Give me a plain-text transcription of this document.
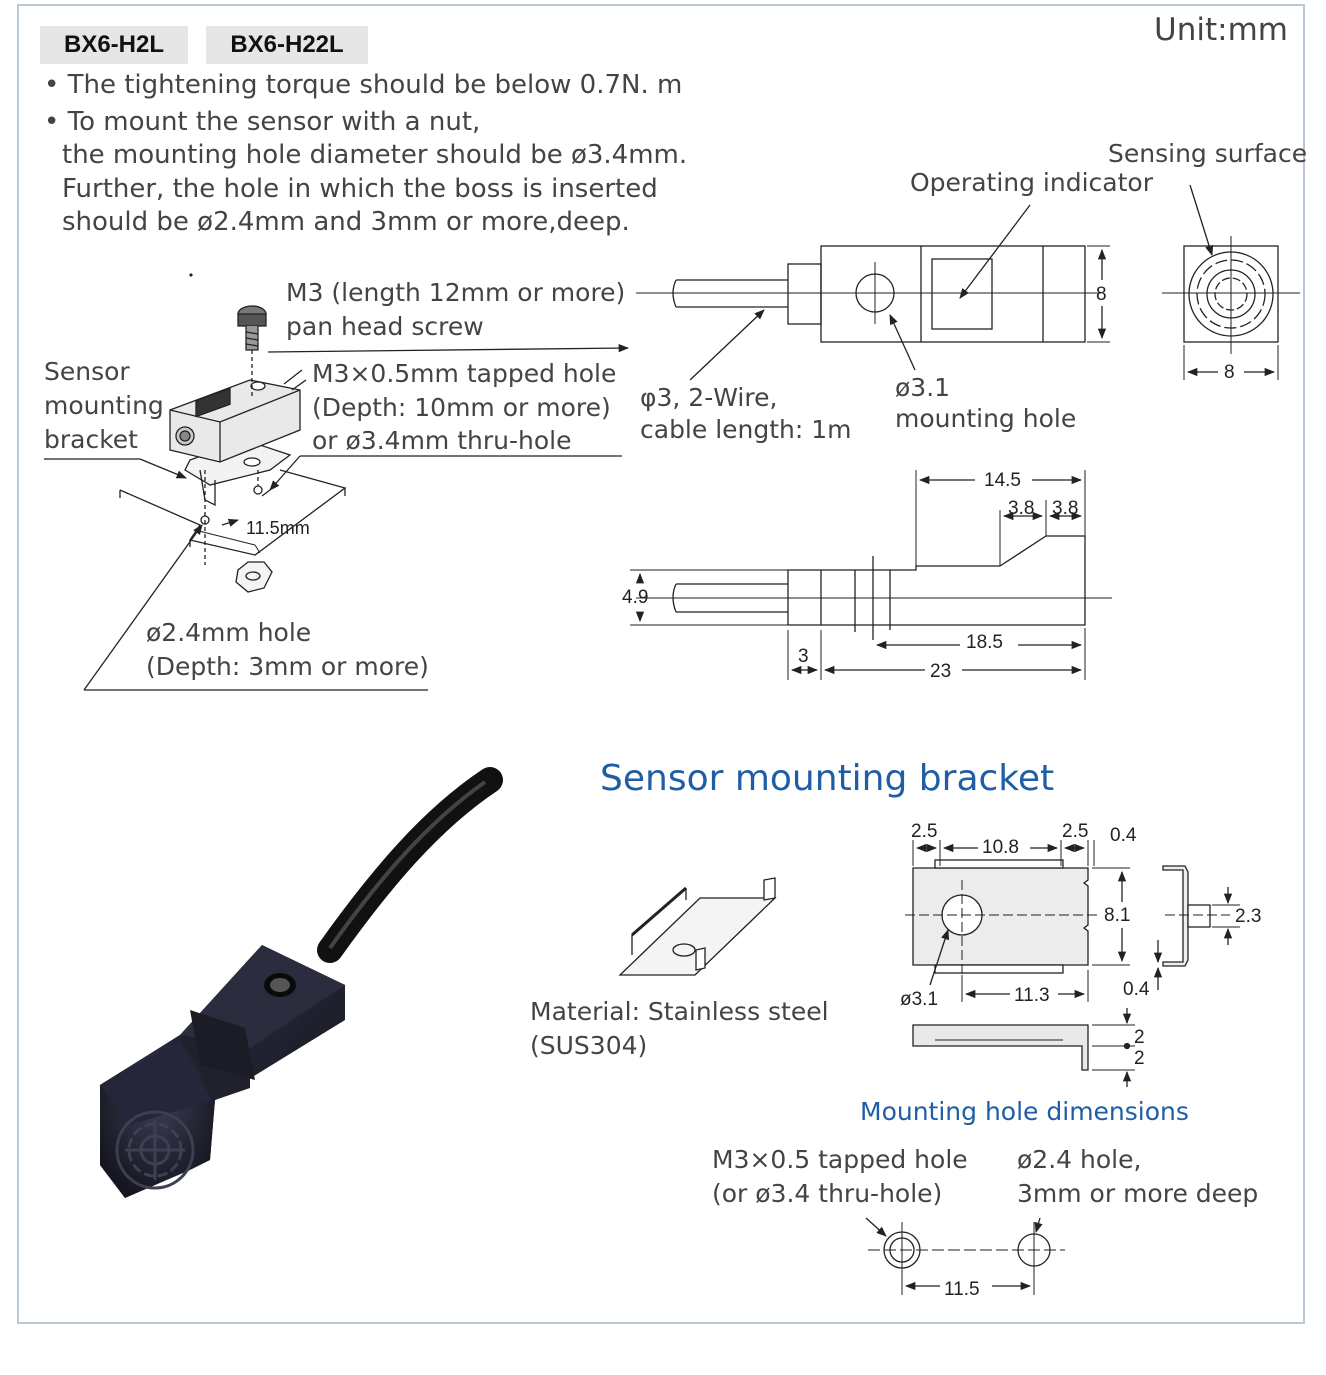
BX6-H2L	BX6-H22L	Unit:mm
• The tightening torque should be below 0.7N. m
• To mount the sensor with a nut,
the mounting hole diameter should be ø3.4mm.
Further, the hole in which the boss is inserted
should be ø2.4mm and 3mm or more,deep.
11.5mm
8
8
14.5
3.8 3.8
4.9
18.5
3
23
2.5
10.8
2.5 0.4
8.1
ø3.1	11.3
2.3
0.4
2
2
11.5
M3 (length 12mm or more)
pan head screw
Sensor
mounting
bracket
M3×0.5mm tapped hole
(Depth: 10mm or more)
or ø3.4mm thru-hole
ø2.4mm hole
(Depth: 3mm or more)
Sensing surface
Operating indicator
φ3, 2-Wire,
cable length: 1m
ø3.1
mounting hole
Sensor mounting bracket
Material: Stainless steel
(SUS304)
Mounting hole dimensions
M3×0.5 tapped hole
(or ø3.4 thru-hole)
ø2.4 hole,
3mm or more deep
